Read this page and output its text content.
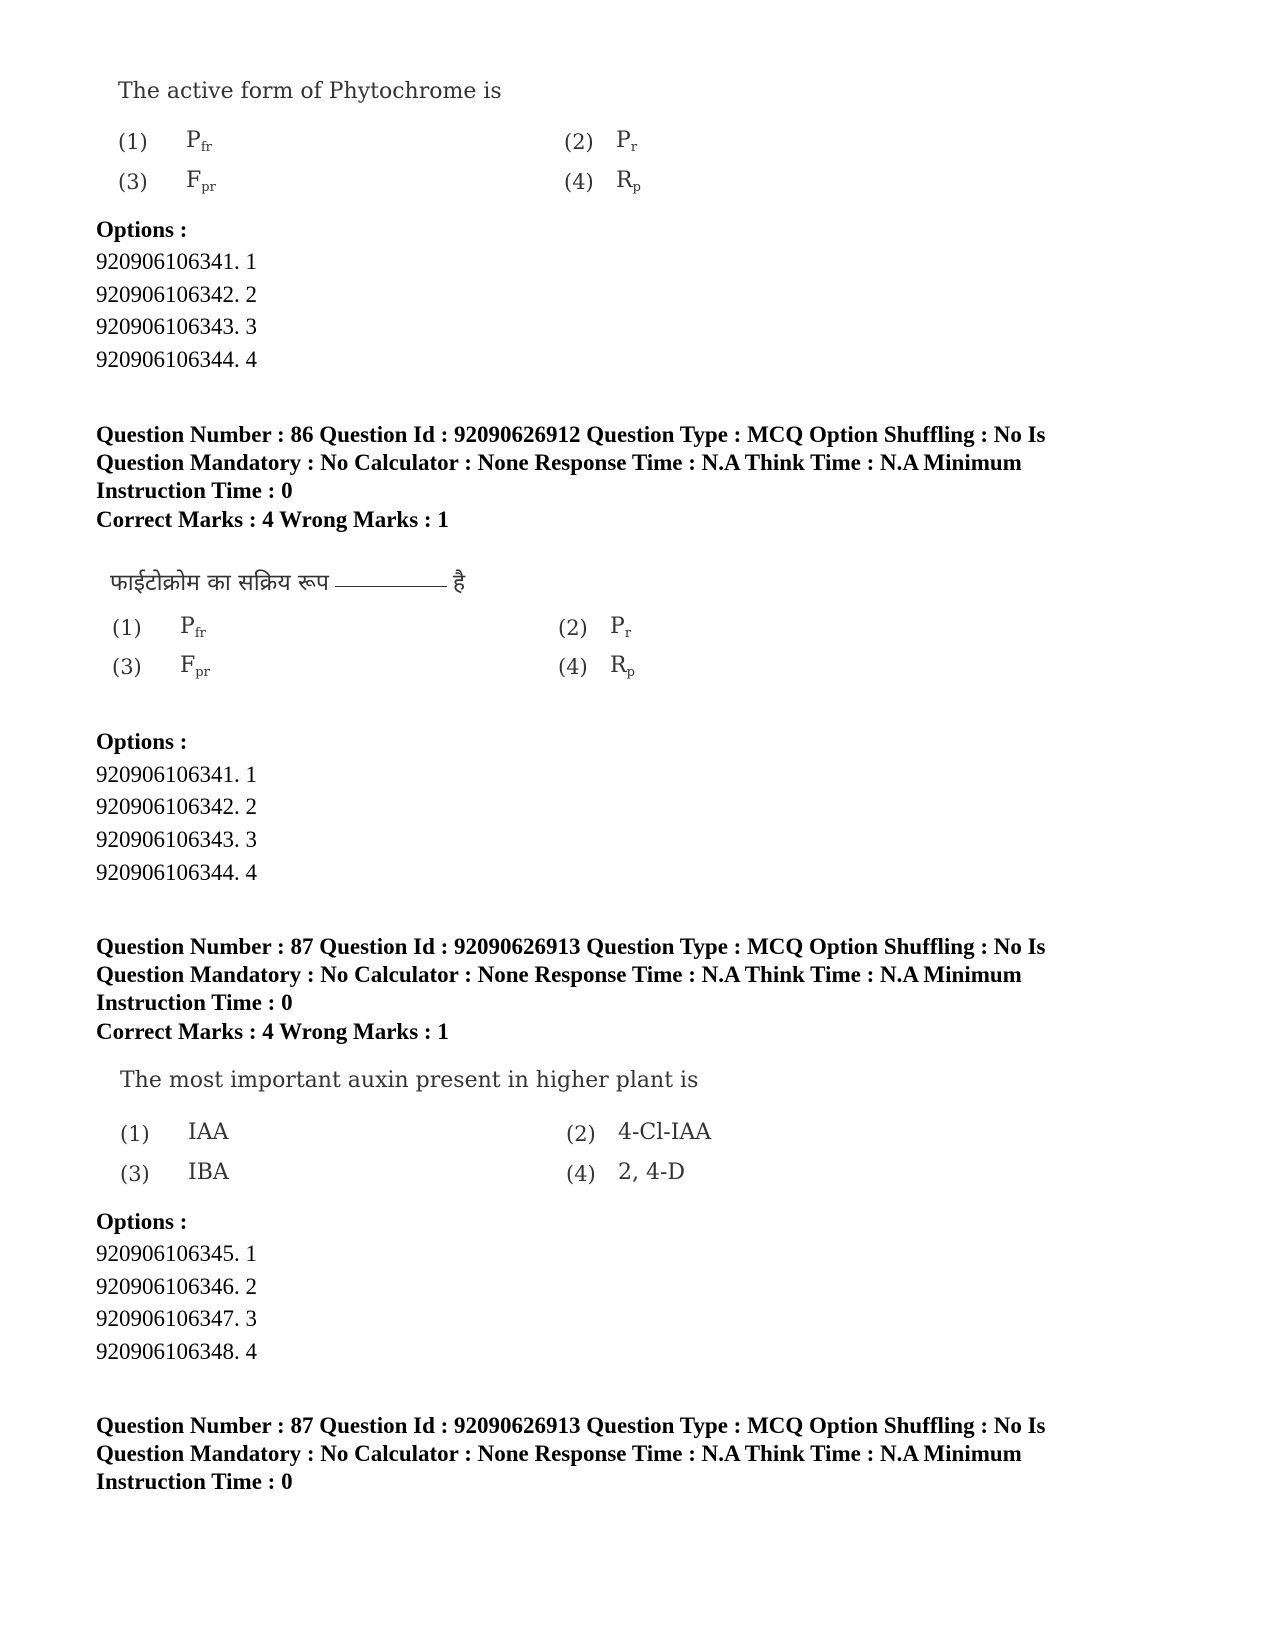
The active form of Phytochrome is
(1) $P_{fr}$	(2) $P_r$
(3) $F_{pr}$	(4) $R_p$
Options :
920906106341. 1
920906106342. 2
920906106343. 3
920906106344. 4
Question Number : 86 Question Id : 92090626912 Question Type : MCQ Option Shuffling : No Is
Question Mandatory : No Calculator : None Response Time : N.A Think Time : N.A Minimum
Instruction Time : 0
Correct Marks : 4 Wrong Marks : 1
फाईटोक्रोम का सक्रिय रूप	है
(1) $P_{fr}$	(2) $P_r$
(3) $F_{pr}$	(4) $R_p$
Options :
920906106341. 1
920906106342. 2
920906106343. 3
920906106344. 4
Question Number : 87 Question Id : 92090626913 Question Type : MCQ Option Shuffling : No Is
Question Mandatory : No Calculator : None Response Time : N.A Think Time : N.A Minimum
Instruction Time : 0
Correct Marks : 4 Wrong Marks : 1
The most important auxin present in higher plant is
(1) IAA	(2) 4-Cl-IAA
(3) IBA	(4) 2, 4-D
Options :
920906106345. 1
920906106346. 2
920906106347. 3
920906106348. 4
Question Number : 87 Question Id : 92090626913 Question Type : MCQ Option Shuffling : No Is
Question Mandatory : No Calculator : None Response Time : N.A Think Time : N.A Minimum
Instruction Time : 0
